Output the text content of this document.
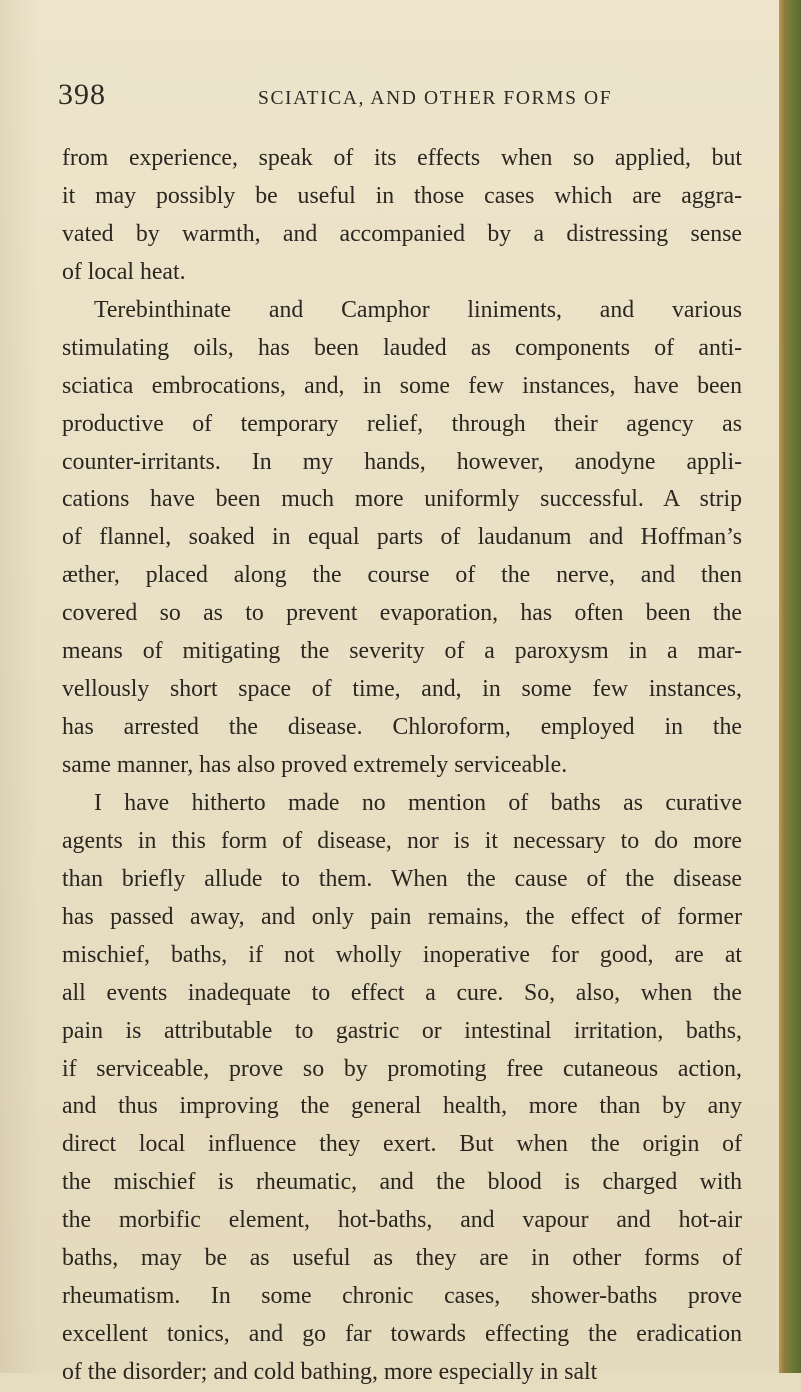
398	SCIATICA, AND OTHER FORMS OF
from experience, speak of its effects when so applied, but
it may possibly be useful in those cases which are aggra-
vated by warmth, and accompanied by a distressing sense
of local heat.
Terebinthinate and Camphor liniments, and various
stimulating oils, has been lauded as components of anti-
sciatica embrocations, and, in some few instances, have been
productive of temporary relief, through their agency as
counter-irritants. In my hands, however, anodyne appli-
cations have been much more uniformly successful. A strip
of flannel, soaked in equal parts of laudanum and Hoffman’s
æther, placed along the course of the nerve, and then
covered so as to prevent evaporation, has often been the
means of mitigating the severity of a paroxysm in a mar-
vellously short space of time, and, in some few instances,
has arrested the disease. Chloroform, employed in the
same manner, has also proved extremely serviceable.
I have hitherto made no mention of baths as curative
agents in this form of disease, nor is it necessary to do more
than briefly allude to them. When the cause of the disease
has passed away, and only pain remains, the effect of former
mischief, baths, if not wholly inoperative for good, are at
all events inadequate to effect a cure. So, also, when the
pain is attributable to gastric or intestinal irritation, baths,
if serviceable, prove so by promoting free cutaneous action,
and thus improving the general health, more than by any
direct local influence they exert. But when the origin of
the mischief is rheumatic, and the blood is charged with
the morbific element, hot-baths, and vapour and hot-air
baths, may be as useful as they are in other forms of
rheumatism. In some chronic cases, shower-baths prove
excellent tonics, and go far towards effecting the eradication
of the disorder; and cold bathing, more especially in salt
